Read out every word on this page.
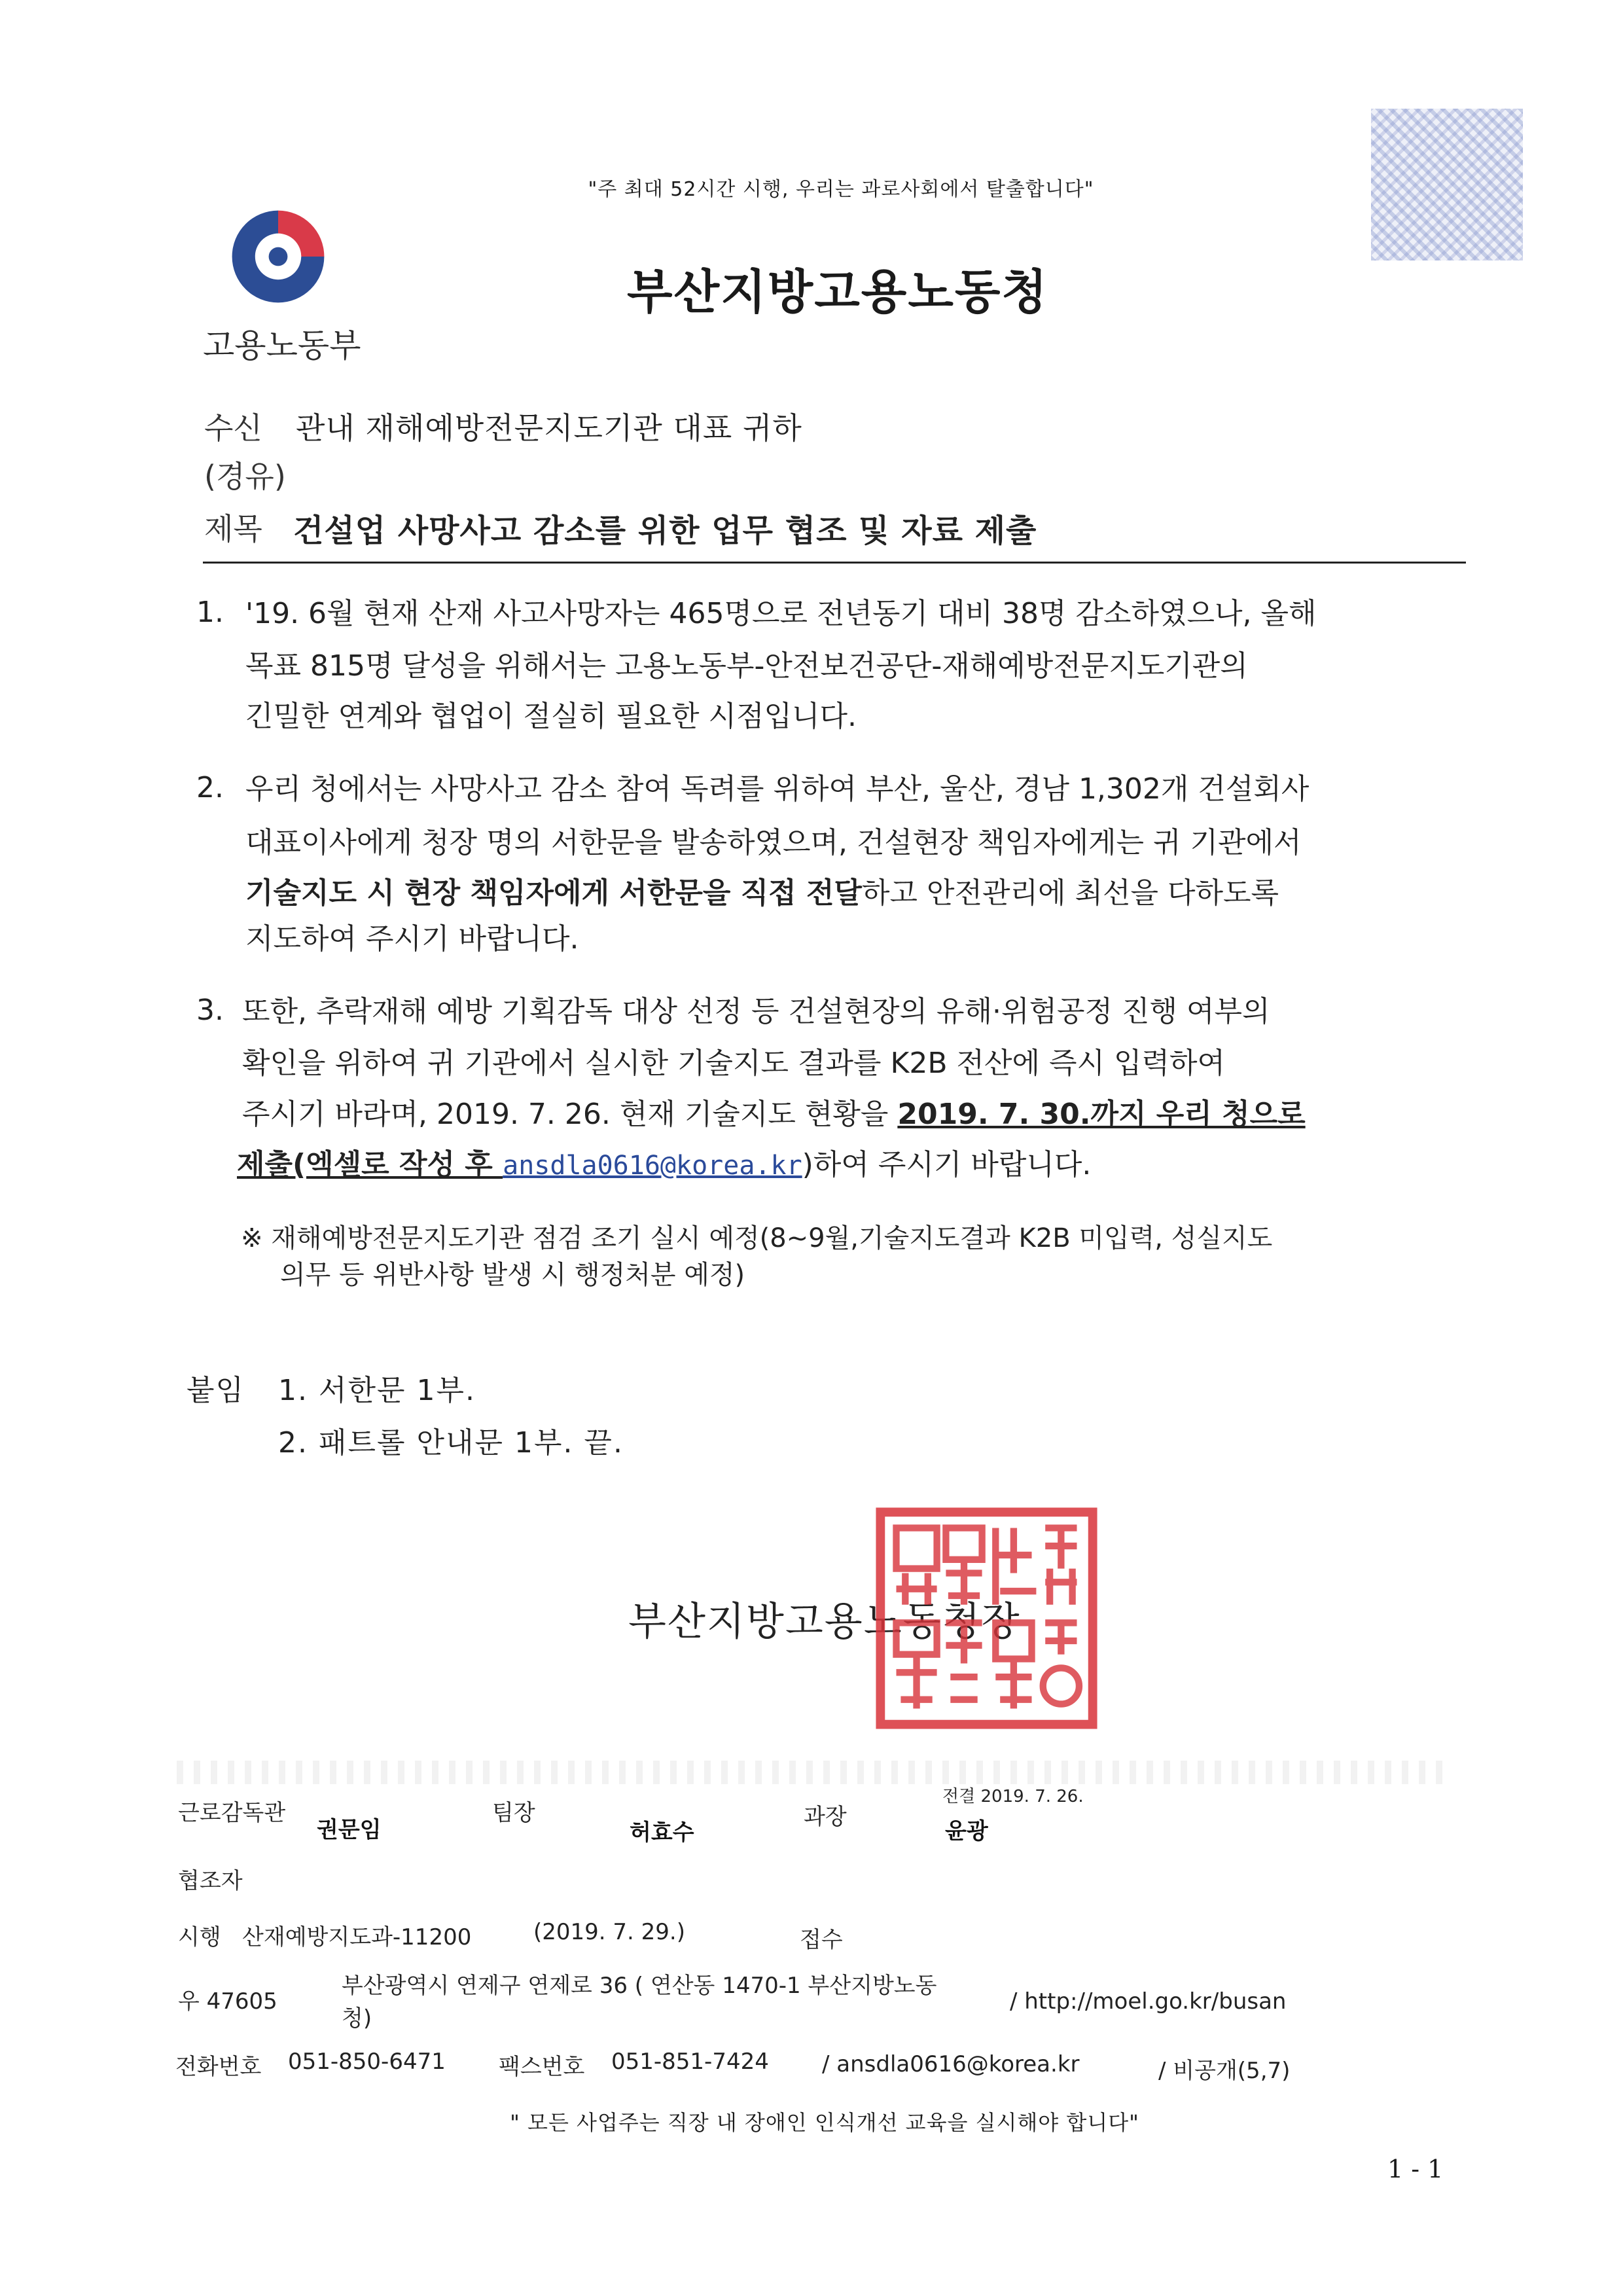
"주 최대 52시간 시행, 우리는 과로사회에서 탈출합니다"
고용노동부
부산지방고용노동청
수신 관내 재해예방전문지도기관 대표 귀하
(경유)
제목 건설업 사망사고 감소를 위한 업무 협조 및 자료 제출
1. '19. 6월 현재 산재 사고사망자는 465명으로 전년동기 대비 38명 감소하였으나, 올해
목표 815명 달성을 위해서는 고용노동부-안전보건공단-재해예방전문지도기관의
긴밀한 연계와 협업이 절실히 필요한 시점입니다.
2. 우리 청에서는 사망사고 감소 참여 독려를 위하여 부산, 울산, 경남 1,302개 건설회사
대표이사에게 청장 명의 서한문을 발송하였으며, 건설현장 책임자에게는 귀 기관에서
기술지도 시 현장 책임자에게 서한문을 직접 전달하고 안전관리에 최선을 다하도록
지도하여 주시기 바랍니다.
3. 또한, 추락재해 예방 기획감독 대상 선정 등 건설현장의 유해·위험공정 진행 여부의
확인을 위하여 귀 기관에서 실시한 기술지도 결과를 K2B 전산에 즉시 입력하여
주시기 바라며, 2019. 7. 26. 현재 기술지도 현황을 2019. 7. 30.까지 우리 청으로
제출(엑셀로 작성 후 ansdla0616@korea.kr)하여 주시기 바랍니다.
※ 재해예방전문지도기관 점검 조기 실시 예정(8~9월,기술지도결과 K2B 미입력, 성실지도
의무 등 위반사항 발생 시 행정처분 예정)
붙임 1. 서한문 1부.
2. 패트롤 안내문 1부. 끝.
부산지방고용노동청장
근로감독관
권문임
팀장
허효수
과장
전결 2019. 7. 26.
윤광
협조자
시행 산재예방지도과-11200	(2019. 7. 29.)	접수
우 47605
부산광역시 연제구 연제로 36 ( 연산동 1470-1 부산지방노동
청)
/ http://moel.go.kr/busan
전화번호 051-850-6471 팩스번호 051-851-7424 / ansdla0616@korea.kr	/ 비공개(5,7)
" 모든 사업주는 직장 내 장애인 인식개선 교육을 실시해야 합니다"
1 - 1
